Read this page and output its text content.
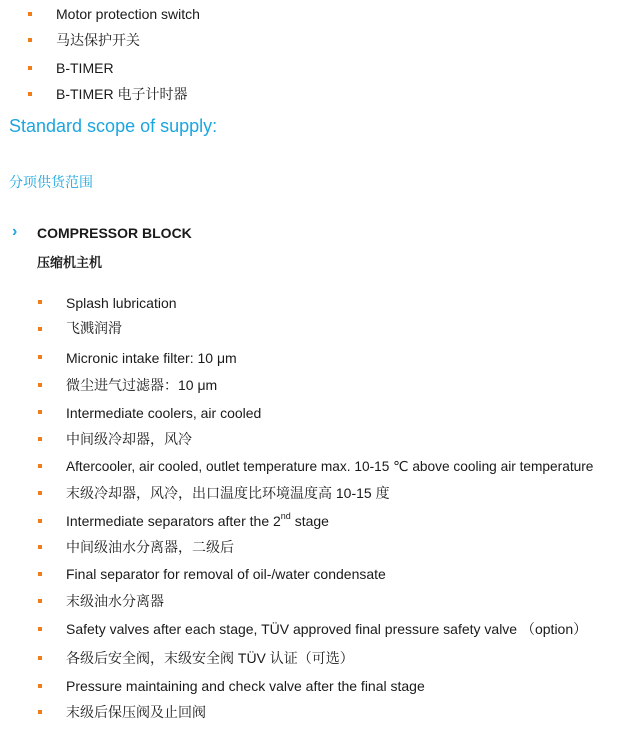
Motor protection switch
马达保护开关
B-TIMER
B-TIMER 电子计时器
Standard scope of supply:
分项供货范围
› COMPRESSOR BLOCK
压缩机主机
Splash lubrication
飞溅润滑
Micronic intake filter: 10 μm
微尘进气过滤器：10 μm
Intermediate coolers, air cooled
中间级冷却器，风冷
Aftercooler, air cooled, outlet temperature max. 10-15 ℃ above cooling air temperature
末级冷却器，风冷，出口温度比环境温度高 10-15 度
Intermediate separators after the 2nd stage
中间级油水分离器，二级后
Final separator for removal of oil-/water condensate
末级油水分离器
Safety valves after each stage, TÜV approved final pressure safety valve （option）
各级后安全阀，末级安全阀 TÜV 认证（可选）
Pressure maintaining and check valve after the final stage
末级后保压阀及止回阀
